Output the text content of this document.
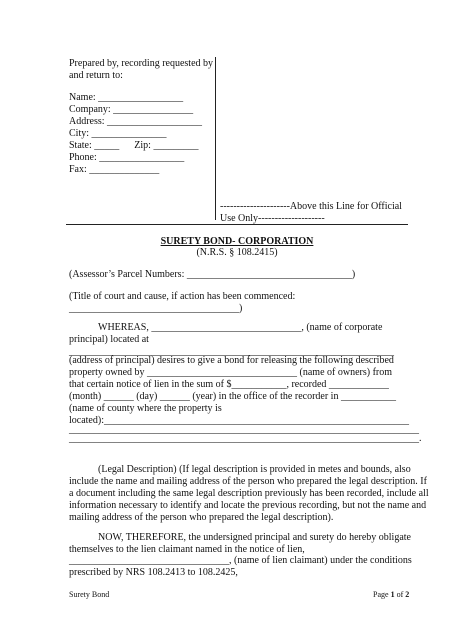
Prepared by, recording requested by
and return to:
Name: _________________
Company: ________________
Address: ___________________
City: _______________
State: _____      Zip: _________
Phone: _________________
Fax: ______________
---------------------Above this Line for Official
Use Only--------------------
SURETY BOND- CORPORATION
(N.R.S. § 108.2415)
(Assessor’s Parcel Numbers: _________________________________)
(Title of court and cause, if action has been commenced:
__________________________________)
WHEREAS, ______________________________, (name of corporate
principal) located at
_________________________________________________________________
(address of principal) desires to give a bond for releasing the following described
property owned by ______________________________ (name of owners) from
that certain notice of lien in the sum of $___________, recorded ____________
(month) ______ (day) ______ (year) in the office of the recorder in ___________
(name of county where the property is
located):_____________________________________________________________
______________________________________________________________________
______________________________________________________________________.
(Legal Description) (If legal description is provided in metes and bounds, also
include the name and mailing address of the person who prepared the legal description. If
a document including the same legal description previously has been recorded, include all
information necessary to identify and locate the previous recording, but not the name and
mailing address of the person who prepared the legal description).
NOW, THEREFORE, the undersigned principal and surety do hereby obligate
themselves to the lien claimant named in the notice of lien,
________________________________, (name of lien claimant) under the conditions
prescribed by NRS 108.2413 to 108.2425,
Surety Bond	Page 1 of 2
